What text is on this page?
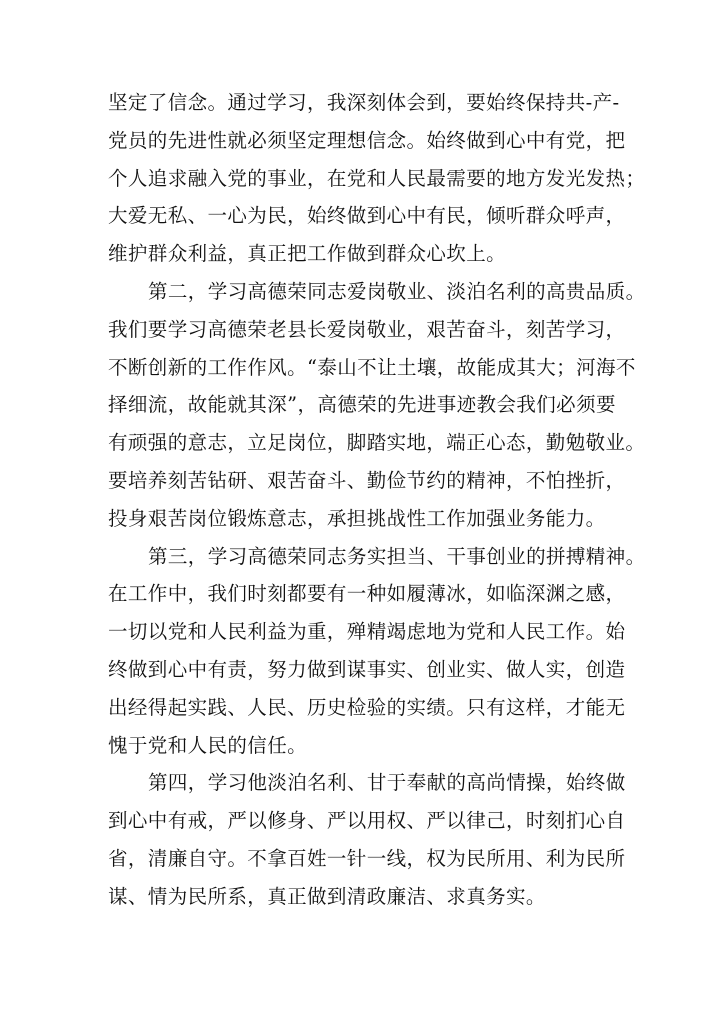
坚定了信念。通过学习，我深刻体会到，要始终保持共-产-
党员的先进性就必须坚定理想信念。始终做到心中有党，把
个人追求融入党的事业，在党和人民最需要的地方发光发热；
大爱无私、一心为民，始终做到心中有民，倾听群众呼声，
维护群众利益，真正把工作做到群众心坎上。
第二，学习高德荣同志爱岗敬业、淡泊名利的高贵品质。
我们要学习高德荣老县长爱岗敬业，艰苦奋斗，刻苦学习，
不断创新的工作作风。“泰山不让土壤，故能成其大；河海不
择细流，故能就其深”，高德荣的先进事迹教会我们必须要
有顽强的意志，立足岗位，脚踏实地，端正心态，勤勉敬业。
要培养刻苦钻研、艰苦奋斗、勤俭节约的精神，不怕挫折，
投身艰苦岗位锻炼意志，承担挑战性工作加强业务能力。
第三，学习高德荣同志务实担当、干事创业的拼搏精神。
在工作中，我们时刻都要有一种如履薄冰，如临深渊之感，
一切以党和人民利益为重，殚精竭虑地为党和人民工作。始
终做到心中有责，努力做到谋事实、创业实、做人实，创造
出经得起实践、人民、历史检验的实绩。只有这样，才能无
愧于党和人民的信任。
第四，学习他淡泊名利、甘于奉献的高尚情操，始终做
到心中有戒，严以修身、严以用权、严以律己，时刻扪心自
省，清廉自守。不拿百姓一针一线，权为民所用、利为民所
谋、情为民所系，真正做到清政廉洁、求真务实。
